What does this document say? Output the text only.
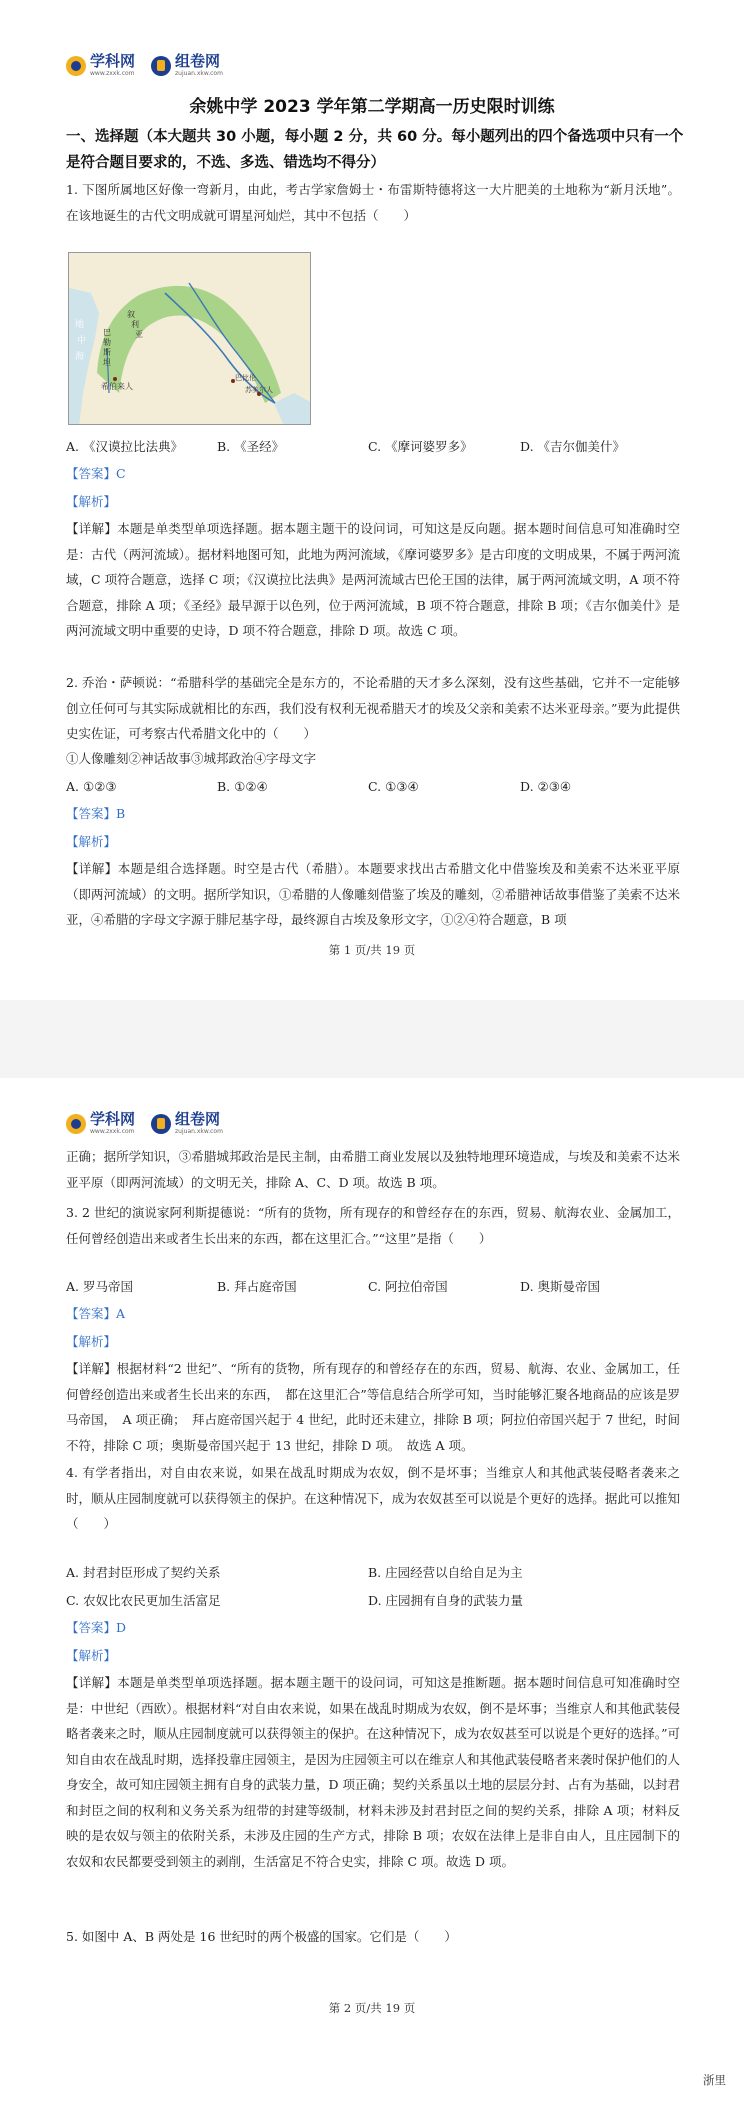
学科网
www.zxxk.com
组卷网
zujuan.xkw.com
余姚中学 2023 学年第二学期高一历史限时训练
一、选择题（本大题共 30 小题，每小题 2 分，共 60 分。每小题列出的四个备选项中只有一个是符合题目要求的，不选、多选、错选均不得分）
1. 下图所属地区好像一弯新月，由此，考古学家詹姆士・布雷斯特德将这一大片肥美的土地称为“新月沃地”。在该地诞生的古代文明成就可谓星河灿烂，其中不包括（　　）
地
中
海
叙
利
亚
巴
勒
斯
坦
希伯来人
巴比伦
苏美尔人
A. 《汉谟拉比法典》	B. 《圣经》	C. 《摩诃婆罗多》	D. 《吉尔伽美什》
【答案】C
【解析】
【详解】本题是单类型单项选择题。据本题主题干的设问词，可知这是反向题。据本题时间信息可知准确时空是：古代（两河流域）。据材料地图可知，此地为两河流域，《摩诃婆罗多》是古印度的文明成果，不属于两河流域，C 项符合题意，选择 C 项；《汉谟拉比法典》是两河流域古巴伦王国的法律，属于两河流域文明，A 项不符合题意，排除 A 项；《圣经》最早源于以色列，位于两河流域，B 项不符合题意，排除 B 项；《吉尔伽美什》是两河流域文明中重要的史诗，D 项不符合题意，排除 D 项。故选 C 项。
2. 乔治・萨顿说：“希腊科学的基础完全是东方的，不论希腊的天才多么深刻，没有这些基础，它并不一定能够创立任何可与其实际成就相比的东西，我们没有权利无视希腊天才的埃及父亲和美索不达米亚母亲。”要为此提供史实佐证，可考察古代希腊文化中的（　　）
①人像雕刻②神话故事③城邦政治④字母文字
A. ①②③	B. ①②④	C. ①③④	D. ②③④
【答案】B
【解析】
【详解】本题是组合选择题。时空是古代（希腊）。本题要求找出古希腊文化中借鉴埃及和美索不达米亚平原（即两河流域）的文明。据所学知识，①希腊的人像雕刻借鉴了埃及的雕刻，②希腊神话故事借鉴了美索不达米亚，④希腊的字母文字源于腓尼基字母，最终源自古埃及象形文字，①②④符合题意，B 项
第 1 页/共 19 页
学科网
www.zxxk.com
组卷网
zujuan.xkw.com
正确；据所学知识，③希腊城邦政治是民主制，由希腊工商业发展以及独特地理环境造成，与埃及和美索不达米亚平原（即两河流域）的文明无关，排除 A、C、D 项。故选 B 项。
3. 2 世纪的演说家阿利斯提德说：“所有的货物，所有现存的和曾经存在的东西，贸易、航海农业、金属加工，任何曾经创造出来或者生长出来的东西，都在这里汇合。”“这里”是指（　　）
A. 罗马帝国	B. 拜占庭帝国	C. 阿拉伯帝国	D. 奥斯曼帝国
【答案】A
【解析】
【详解】根据材料“2 世纪”、“所有的货物，所有现存的和曾经存在的东西，贸易、航海、农业、金属加工，任何曾经创造出来或者生长出来的东西，　都在这里汇合”等信息结合所学可知，当时能够汇聚各地商品的应该是罗马帝国，　A 项正确；　拜占庭帝国兴起于 4 世纪，此时还未建立，排除 B 项；阿拉伯帝国兴起于 7 世纪，时间不符，排除 C 项；奥斯曼帝国兴起于 13 世纪，排除 D 项。　故选 A 项。
4. 有学者指出，对自由农来说，如果在战乱时期成为农奴，倒不是坏事；当维京人和其他武装侵略者袭来之时，顺从庄园制度就可以获得领主的保护。在这种情况下，成为农奴甚至可以说是个更好的选择。据此可以推知（　　）
A. 封君封臣形成了契约关系	B. 庄园经营以自给自足为主
C. 农奴比农民更加生活富足	D. 庄园拥有自身的武装力量
【答案】D
【解析】
【详解】本题是单类型单项选择题。据本题主题干的设问词，可知这是推断题。据本题时间信息可知准确时空是：中世纪（西欧）。根据材料“对自由农来说，如果在战乱时期成为农奴，倒不是坏事；当维京人和其他武装侵略者袭来之时，顺从庄园制度就可以获得领主的保护。在这种情况下，成为农奴甚至可以说是个更好的选择。”可知自由农在战乱时期，选择投靠庄园领主，是因为庄园领主可以在维京人和其他武装侵略者来袭时保护他们的人身安全，故可知庄园领主拥有自身的武装力量，D 项正确；契约关系虽以土地的层层分封、占有为基础，以封君和封臣之间的权利和义务关系为纽带的封建等级制，材料未涉及封君封臣之间的契约关系，排除 A 项；材料反映的是农奴与领主的依附关系，未涉及庄园的生产方式，排除 B 项；农奴在法律上是非自由人，且庄园制下的农奴和农民都要受到领主的剥削，生活富足不符合史实，排除 C 项。故选 D 项。
5. 如图中 A、B 两处是 16 世纪时的两个极盛的国家。它们是（　　）
第 2 页/共 19 页
浙里
